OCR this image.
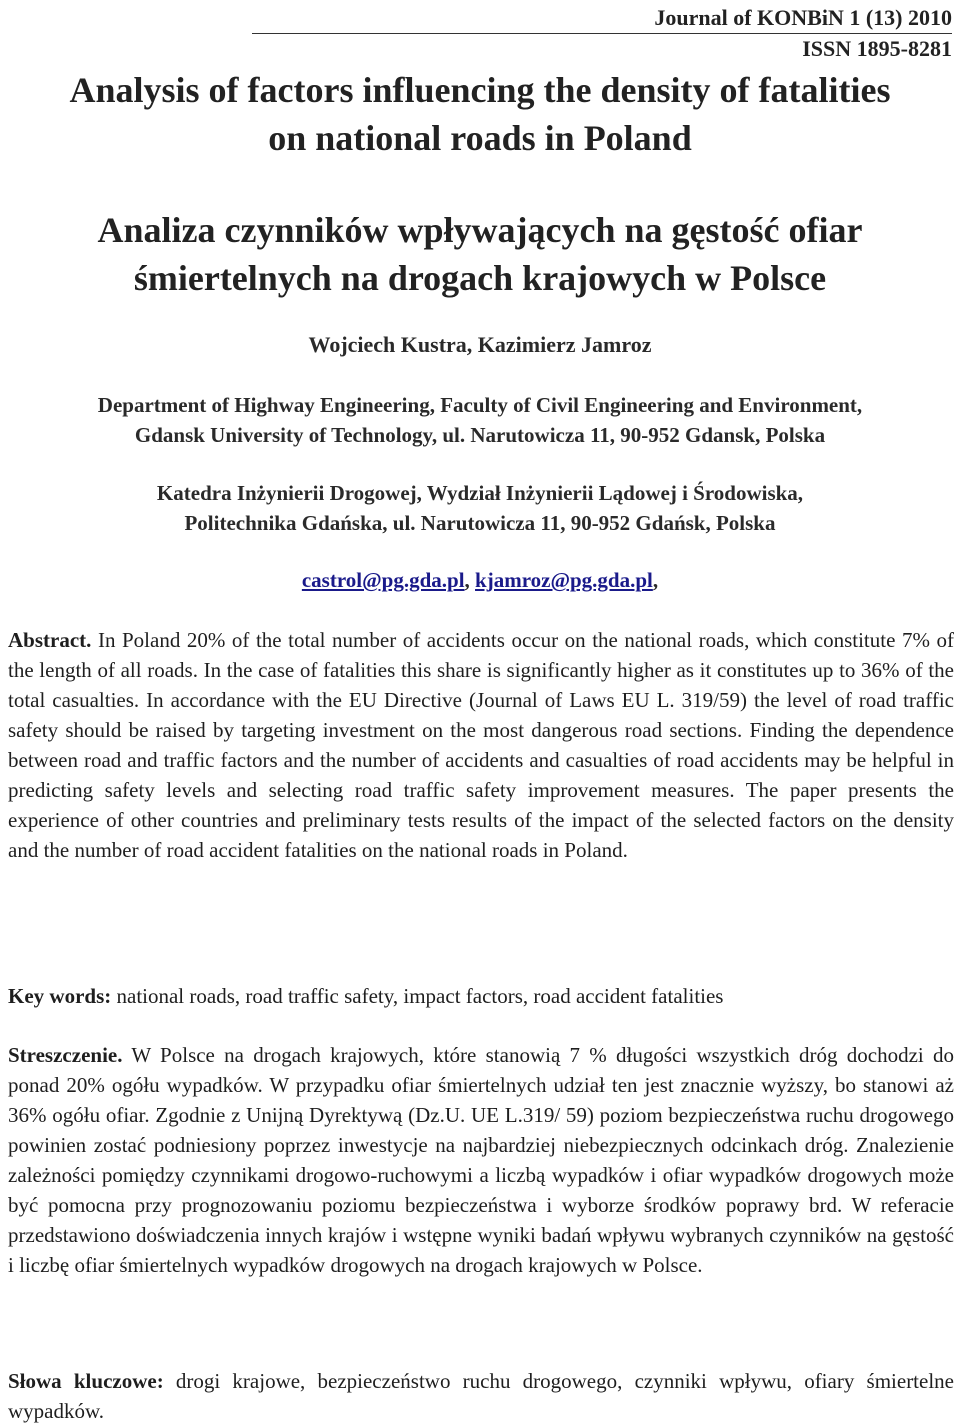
Journal of KONBiN 1 (13) 2010
ISSN 1895-8281
Analysis of factors influencing the density of fatalities
on national roads in Poland
Analiza czynników wpływających na gęstość ofiar
śmiertelnych na drogach krajowych w Polsce
Wojciech Kustra, Kazimierz Jamroz
Department of Highway Engineering, Faculty of Civil Engineering and Environment,
Gdansk University of Technology, ul. Narutowicza 11, 90-952 Gdansk, Polska
Katedra Inżynierii Drogowej, Wydział Inżynierii Lądowej i Środowiska,
Politechnika Gdańska, ul. Narutowicza 11, 90-952 Gdańsk, Polska
castrol@pg.gda.pl, kjamroz@pg.gda.pl,
Abstract. In Poland 20% of the total number of accidents occur on the national roads, which constitute 7% of the length of all roads. In the case of fatalities this share is significantly higher as it constitutes up to 36% of the total casualties. In accordance with the EU Directive (Journal of Laws EU L. 319/59) the level of road traffic safety should be raised by targeting investment on the most dangerous road sections. Finding the dependence between road and traffic factors and the number of accidents and casualties of road accidents may be helpful in predicting safety levels and selecting road traffic safety improvement measures. The paper presents the experience of other countries and preliminary tests results of the impact of the selected factors on the density and the number of road accident fatalities on the national roads in Poland.
Key words: national roads, road traffic safety, impact factors, road accident fatalities
Streszczenie. W Polsce na drogach krajowych, które stanowią 7 % długości wszystkich dróg dochodzi do ponad 20% ogółu wypadków. W przypadku ofiar śmiertelnych udział ten jest znacznie wyższy, bo stanowi aż 36% ogółu ofiar. Zgodnie z Unijną Dyrektywą (Dz.U. UE L.319/ 59) poziom bezpieczeństwa ruchu drogowego powinien zostać podniesiony poprzez inwestycje na najbardziej niebezpiecznych odcinkach dróg. Znalezienie zależności pomiędzy czynnikami drogowo-ruchowymi a liczbą wypadków i ofiar wypadków drogowych może być pomocna przy prognozowaniu poziomu bezpieczeństwa i wyborze środków poprawy brd. W referacie przedstawiono doświadczenia innych krajów i wstępne wyniki badań wpływu wybranych czynników na gęstość i liczbę ofiar śmiertelnych wypadków drogowych na drogach krajowych w Polsce.
Słowa kluczowe: drogi krajowe, bezpieczeństwo ruchu drogowego, czynniki wpływu, ofiary śmiertelne wypadków.
